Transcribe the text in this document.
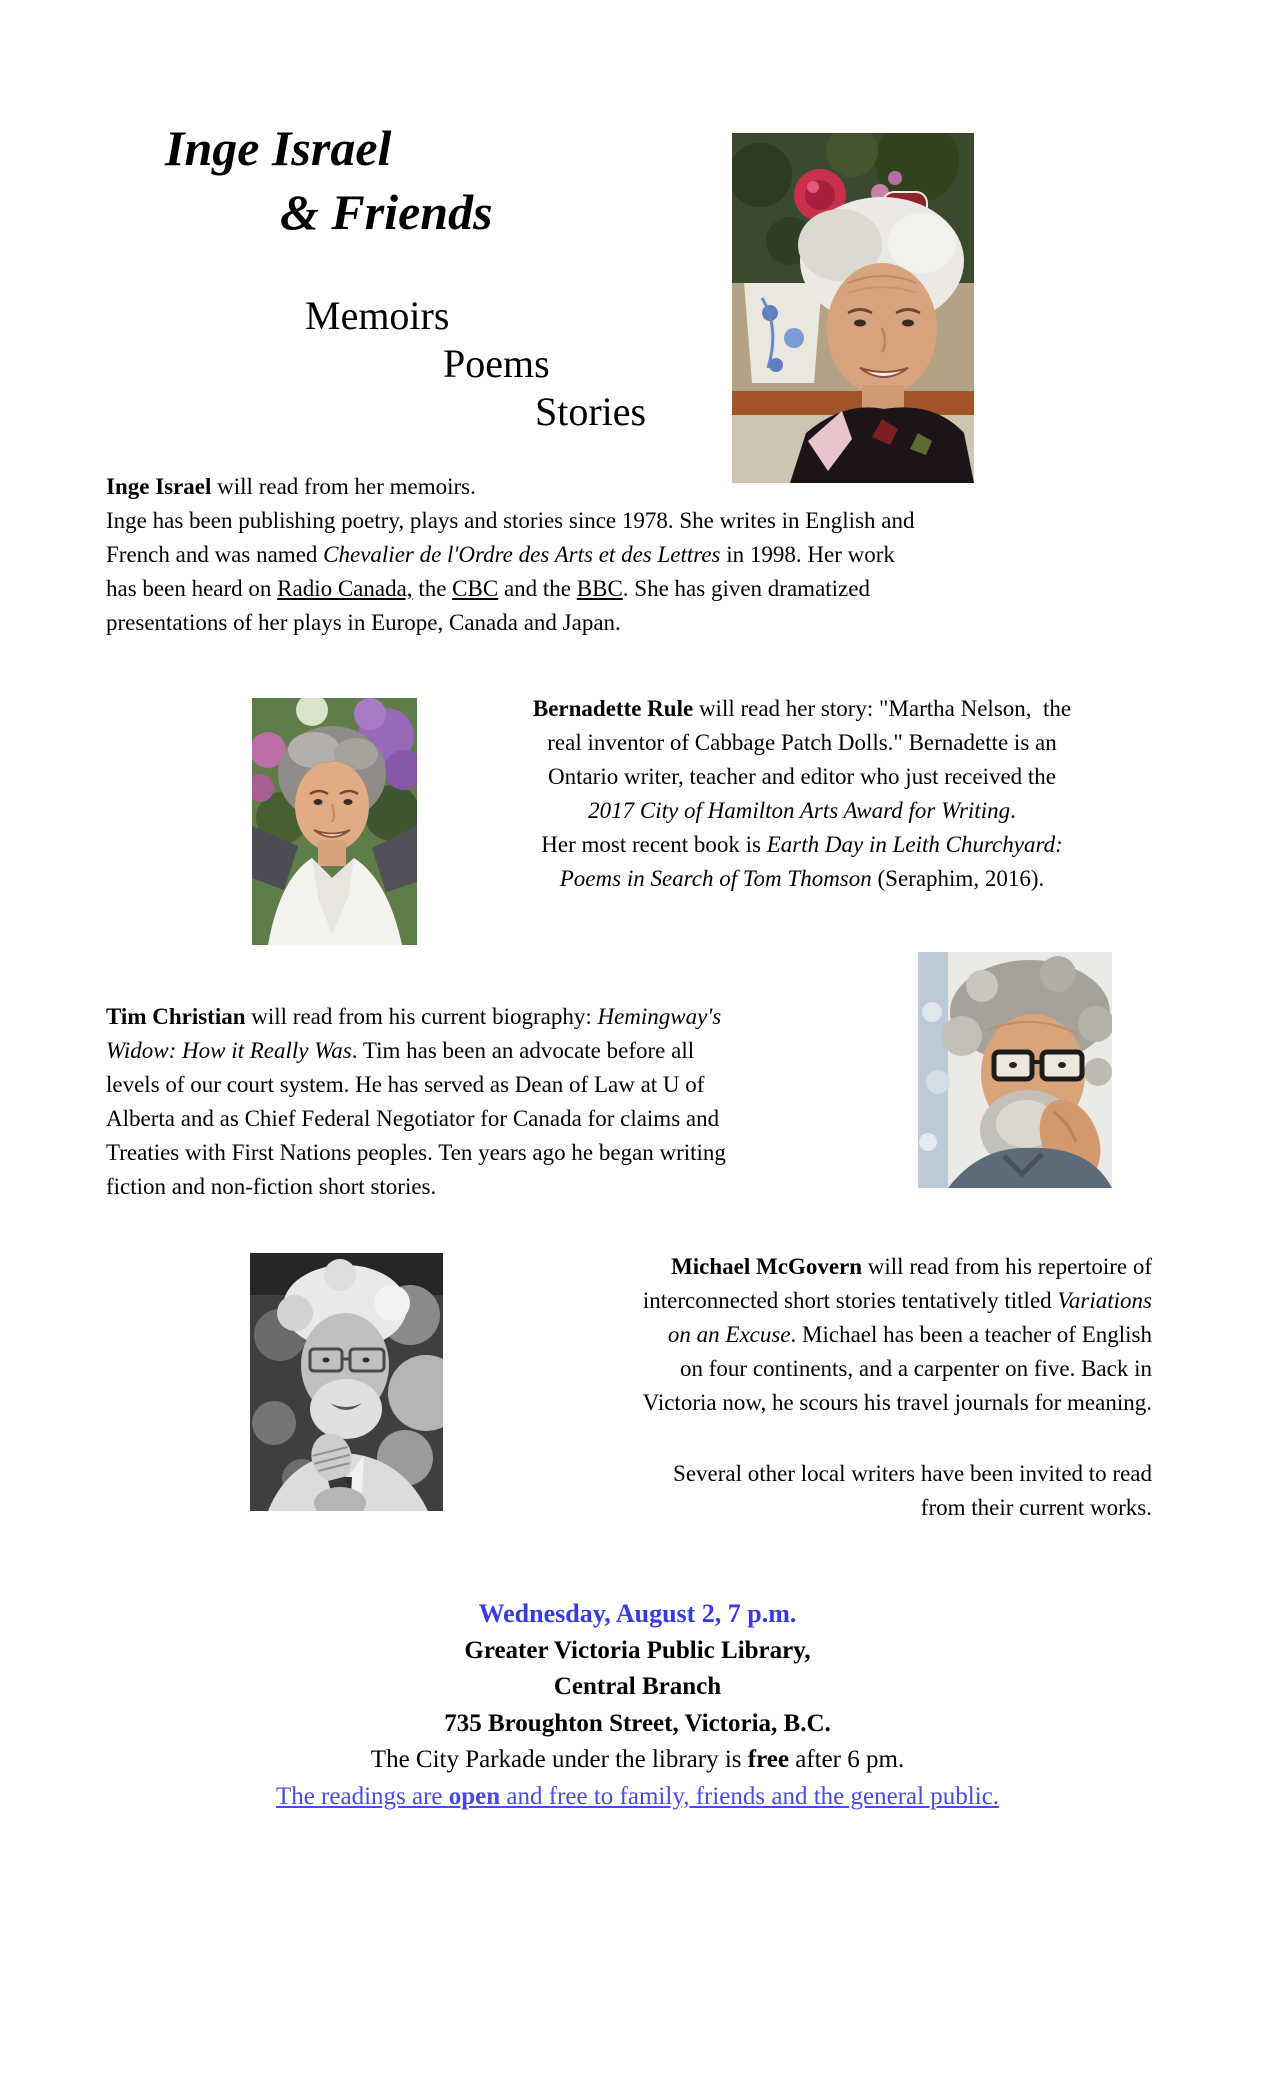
Inge Israel
& Friends
Memoirs
Poems
Stories
Inge Israel will read from her memoirs.
Inge has been publishing poetry, plays and stories since 1978. She writes in English and
French and was named Chevalier de l'Ordre des Arts et des Lettres in 1998. Her work
has been heard on Radio Canada, the CBC and the BBC. She has given dramatized
presentations of her plays in Europe, Canada and Japan.
Bernadette Rule will read her story: "Martha Nelson,  the
real inventor of Cabbage Patch Dolls." Bernadette is an
Ontario writer, teacher and editor who just received the
2017 City of Hamilton Arts Award for Writing.
Her most recent book is Earth Day in Leith Churchyard:
Poems in Search of Tom Thomson (Seraphim, 2016).
Tim Christian will read from his current biography: Hemingway's
Widow: How it Really Was. Tim has been an advocate before all
levels of our court system. He has served as Dean of Law at U of
Alberta and as Chief Federal Negotiator for Canada for claims and
Treaties with First Nations peoples. Ten years ago he began writing
fiction and non-fiction short stories.
Michael McGovern will read from his repertoire of
interconnected short stories tentatively titled Variations
on an Excuse. Michael has been a teacher of English
on four continents, and a carpenter on five. Back in
Victoria now, he scours his travel journals for meaning.
Several other local writers have been invited to read
from their current works.
Wednesday, August 2, 7 p.m.
Greater Victoria Public Library,
Central Branch
735 Broughton Street, Victoria, B.C.
The City Parkade under the library is free after 6 pm.
The readings are open and free to family, friends and the general public.
